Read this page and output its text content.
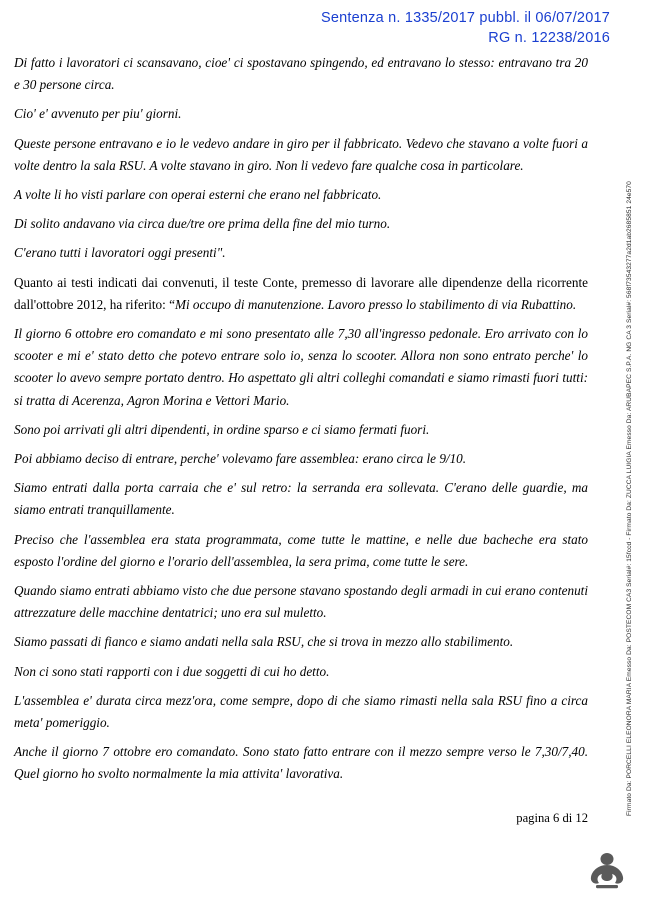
Sentenza n. 1335/2017 pubbl. il 06/07/2017
RG n. 12238/2016

Di fatto i lavoratori ci scansavano, cioe' ci spostavano spingendo, ed entravano lo stesso: entravano tra 20 e 30 persone circa.

Cio' e' avvenuto per piu' giorni.

Queste persone entravano e io le vedevo andare in giro per il fabbricato. Vedevo che stavano a volte fuori a volte dentro la sala RSU. A volte stavano in giro. Non li vedevo fare qualche cosa in particolare.

A volte li ho visti parlare con operai esterni che erano nel fabbricato.

Di solito andavano via circa due/tre ore prima della fine del mio turno.

C'erano tutti i lavoratori oggi presenti".

Quanto ai testi indicati dai convenuti, il teste Conte, premesso di lavorare alle dipendenze della ricorrente dall'ottobre 2012, ha riferito: “Mi occupo di manutenzione. Lavoro presso lo stabilimento di via Rubattino.

Il giorno 6 ottobre ero comandato e mi sono presentato alle 7,30 all'ingresso pedonale. Ero arrivato con lo scooter e mi e' stato detto che potevo entrare solo io, senza lo scooter. Allora non sono entrato perche' lo scooter lo avevo sempre portato dentro. Ho aspettato gli altri colleghi comandati e siamo rimasti fuori tutti: si tratta di Acerenza, Agron Morina e Vettori Mario.

Sono poi arrivati gli altri dipendenti, in ordine sparso e ci siamo fermati fuori.

Poi abbiamo deciso di entrare, perche' volevamo fare assemblea: erano circa le 9/10.

Siamo entrati dalla porta carraia che e' sul retro: la serranda era sollevata. C'erano delle guardie, ma siamo entrati tranquillamente.

Preciso che l'assemblea era stata programmata, come tutte le mattine, e nelle due bacheche era stato esposto l'ordine del giorno e l'orario dell'assemblea, la sera prima, come tutte le sere.

Quando siamo entrati abbiamo visto che due persone stavano spostando degli armadi in cui erano contenuti attrezzature delle macchine dentatrici; uno era sul muletto.

Siamo passati di fianco e siamo andati nella sala RSU, che si trova in mezzo allo stabilimento.

Non ci sono stati rapporti con i due soggetti di cui ho detto.

L'assemblea e' durata circa mezz'ora, come sempre, dopo di che siamo rimasti nella sala RSU fino a circa meta' pomeriggio.

Anche il giorno 7 ottobre ero comandato. Sono stato fatto entrare con il mezzo sempre verso le 7,30/7,40. Quel giorno ho svolto normalmente la mia attivita' lavorativa.

pagina 6 di 12
Firmato Da: PORCELLI ELEONORA MARIA Emesso Da: POSTECOM CA3 Serial#: 15fccd - Firmato Da: ZUCCA LUIGIA Emesso Da: ARUBAPEC S.P.A. NG CA 3 Serial#: 568f73543277a2d1ab2685851 24e570
